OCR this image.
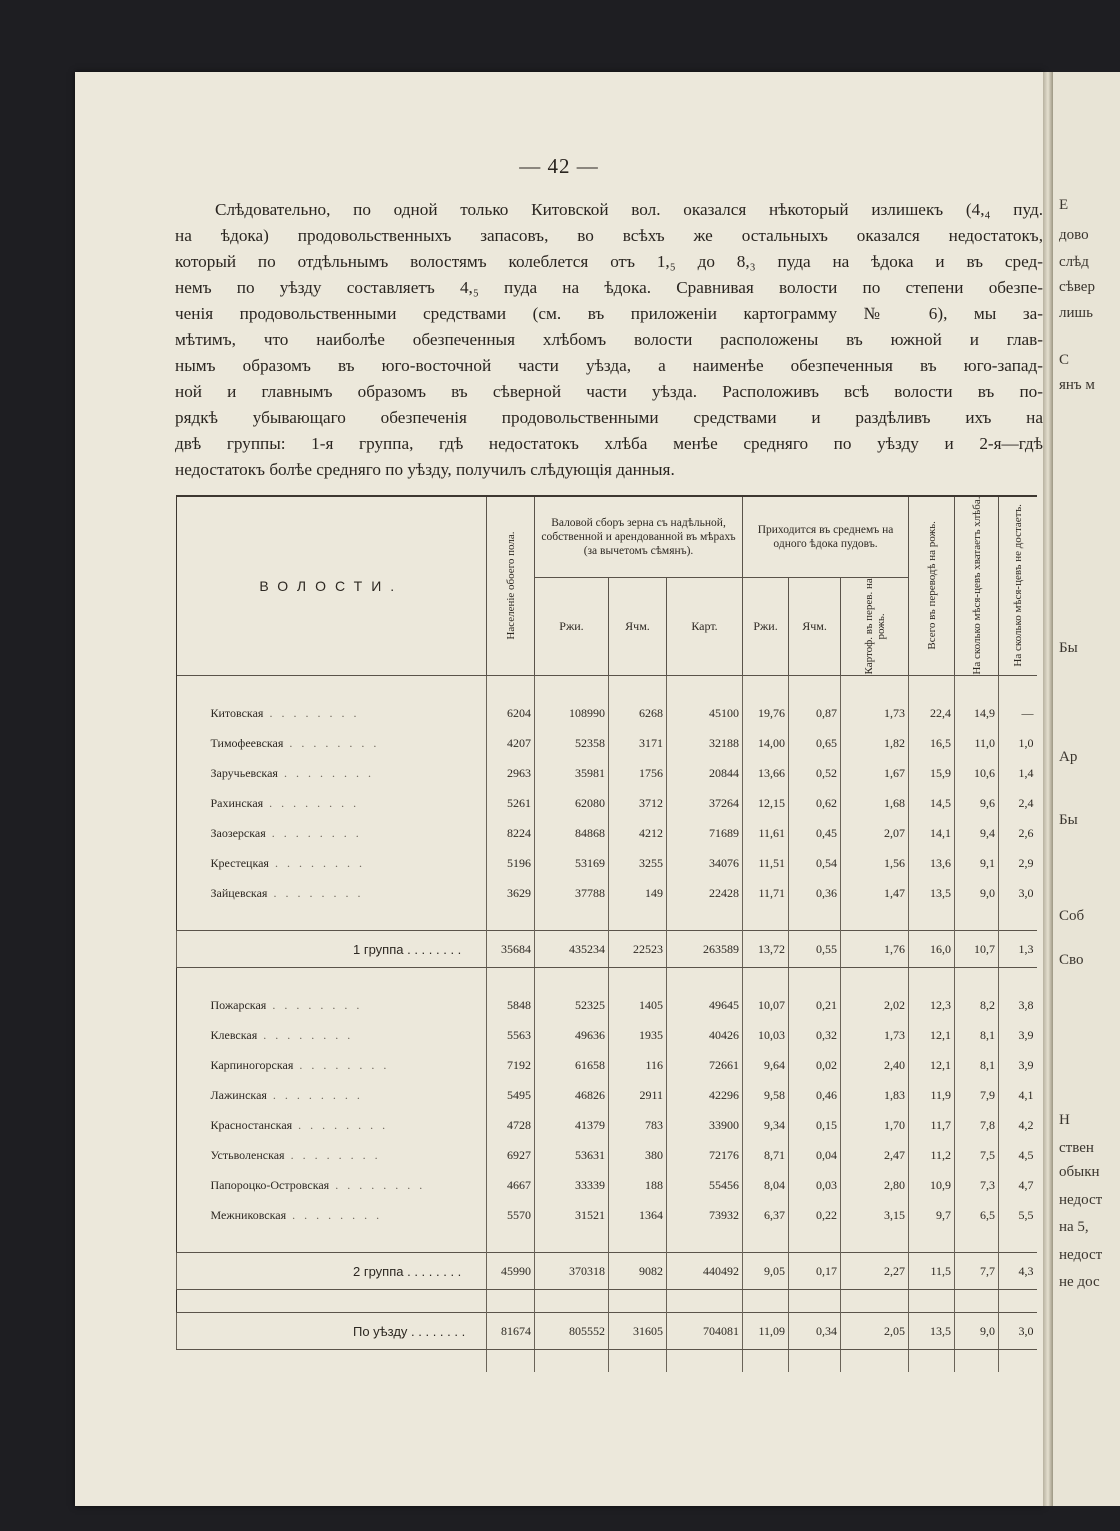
— 42 —
Слѣдовательно, по одной только Китовской вол. оказался нѣкоторый излишекъ (4,₄ пуд.
на ѣдока) продовольственныхъ запасовъ, во всѣхъ же остальныхъ оказался недостатокъ,
который по отдѣльнымъ волостямъ колеблется отъ 1,₅ до 8,₃ пуда на ѣдока и въ сред-
немъ по уѣзду составляетъ 4,₅ пуда на ѣдока. Сравнивая волости по степени обезпе-
ченія продовольственными средствами (см. въ приложеніи картограмму № 6), мы за-
мѣтимъ, что наиболѣе обезпеченныя хлѣбомъ волости расположены въ южной и глав-
нымъ образомъ въ юго-восточной части уѣзда, а наименѣе обезпеченныя въ юго-запад-
ной и главнымъ образомъ въ сѣверной части уѣзда. Расположивъ всѣ волости въ по-
рядкѣ убывающаго обезпеченія продовольственными средствами и раздѣливъ ихъ на
двѣ группы: 1-я группа, гдѣ недостатокъ хлѣба менѣе средняго по уѣзду и 2-я—гдѣ
недостатокъ болѣе средняго по уѣзду, получилъ слѣдующія данныя.
Е
дово
слѣд
сѣвер
лишь
С
янъ м
Бы
Ар
Бы
Соб
Сво
Н
ствен
обыкн
недост
на 5,
недост
не дос
ВОЛОСТИ.	Населеніе обоего пола.	Валовой сборъ зерна съ надѣльной, собственной и арендованной въ мѣрахъ (за вычетомъ сѣмянъ).			Приходится въ среднемъ на одного ѣдока пудовъ.			Всего въ переводѣ на рожь.	На сколько мѣся-цевъ хватаетъ хлѣба.	На сколько мѣся-цевъ не достаетъ.
		Ржи.	Ячм.	Карт.	Ржи.	Ячм.	Картоф. въ перев. на рожь.			

Китовская . . . . . . . .	6204	108990	6268	45100	19,76	0,87	1,73	22,4	14,9	—
Тимофеевская . . . . . . . .	4207	52358	3171	32188	14,00	0,65	1,82	16,5	11,0	1,0
Заручьевская . . . . . . . .	2963	35981	1756	20844	13,66	0,52	1,67	15,9	10,6	1,4
Рахинская . . . . . . . .	5261	62080	3712	37264	12,15	0,62	1,68	14,5	9,6	2,4
Заозерская . . . . . . . .	8224	84868	4212	71689	11,61	0,45	2,07	14,1	9,4	2,6
Крестецкая . . . . . . . .	5196	53169	3255	34076	11,51	0,54	1,56	13,6	9,1	2,9
Зайцевская . . . . . . . .	3629	37788	149	22428	11,71	0,36	1,47	13,5	9,0	3,0

1 группа . . . . . . . .	35684	435234	22523	263589	13,72	0,55	1,76	16,0	10,7	1,3

Пожарская . . . . . . . .	5848	52325	1405	49645	10,07	0,21	2,02	12,3	8,2	3,8
Клевская . . . . . . . .	5563	49636	1935	40426	10,03	0,32	1,73	12,1	8,1	3,9
Карпиногорская . . . . . . . .	7192	61658	116	72661	9,64	0,02	2,40	12,1	8,1	3,9
Лажинская . . . . . . . .	5495	46826	2911	42296	9,58	0,46	1,83	11,9	7,9	4,1
Красностанская . . . . . . . .	4728	41379	783	33900	9,34	0,15	1,70	11,7	7,8	4,2
Устьволенская . . . . . . . .	6927	53631	380	72176	8,71	0,04	2,47	11,2	7,5	4,5
Папороцко-Островская . . . . . . . .	4667	33339	188	55456	8,04	0,03	2,80	10,9	7,3	4,7
Межниковская . . . . . . . .	5570	31521	1364	73932	6,37	0,22	3,15	9,7	6,5	5,5

2 группа . . . . . . . .	45990	370318	9082	440492	9,05	0,17	2,27	11,5	7,7	4,3

По уѣзду . . . . . . . .	81674	805552	31605	704081	11,09	0,34	2,05	13,5	9,0	3,0
